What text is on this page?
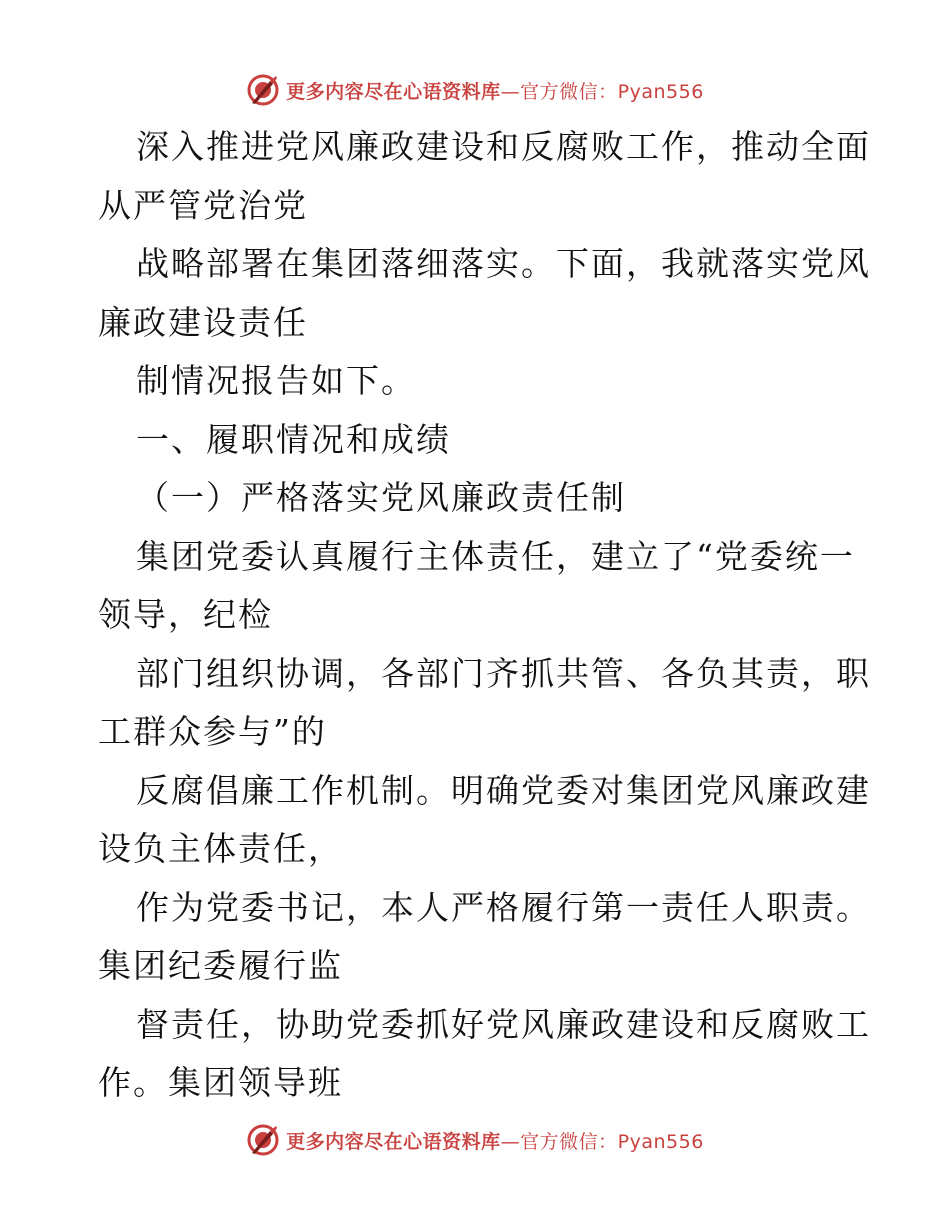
更多内容尽在心语资料库—官方微信：Pyan556
深入推进党风廉政建设和反腐败工作，推动全面
从严管党治党
战略部署在集团落细落实。下面，我就落实党风
廉政建设责任
制情况报告如下。
一、履职情况和成绩
（一）严格落实党风廉政责任制
集团党委认真履行主体责任，建立了“党委统一
领导，纪检
部门组织协调，各部门齐抓共管、各负其责，职
工群众参与”的
反腐倡廉工作机制。明确党委对集团党风廉政建
设负主体责任，
作为党委书记，本人严格履行第一责任人职责。
集团纪委履行监
督责任，协助党委抓好党风廉政建设和反腐败工
作。集团领导班
更多内容尽在心语资料库—官方微信：Pyan556
